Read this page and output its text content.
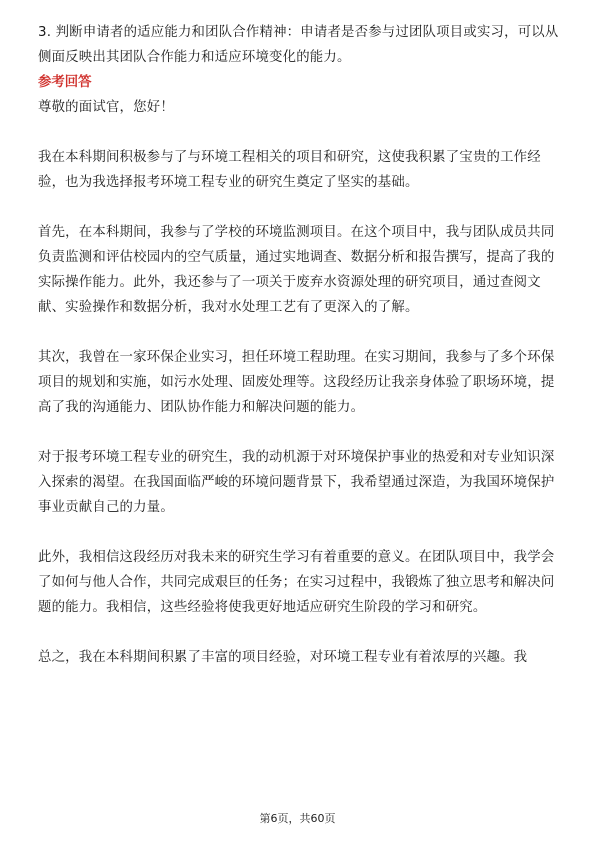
3. 判断申请者的适应能力和团队合作精神：申请者是否参与过团队项目或实习，可以从侧面反映出其团队合作能力和适应环境变化的能力。

参考回答

尊敬的面试官，您好！

我在本科期间积极参与了与环境工程相关的项目和研究，这使我积累了宝贵的工作经验，也为我选择报考环境工程专业的研究生奠定了坚实的基础。

首先，在本科期间，我参与了学校的环境监测项目。在这个项目中，我与团队成员共同负责监测和评估校园内的空气质量，通过实地调查、数据分析和报告撰写，提高了我的实际操作能力。此外，我还参与了一项关于废弃水资源处理的研究项目，通过查阅文献、实验操作和数据分析，我对水处理工艺有了更深入的了解。

其次，我曾在一家环保企业实习，担任环境工程助理。在实习期间，我参与了多个环保项目的规划和实施，如污水处理、固废处理等。这段经历让我亲身体验了职场环境，提高了我的沟通能力、团队协作能力和解决问题的能力。

对于报考环境工程专业的研究生，我的动机源于对环境保护事业的热爱和对专业知识深入探索的渴望。在我国面临严峻的环境问题背景下，我希望通过深造，为我国环境保护事业贡献自己的力量。

此外，我相信这段经历对我未来的研究生学习有着重要的意义。在团队项目中，我学会了如何与他人合作，共同完成艰巨的任务；在实习过程中，我锻炼了独立思考和解决问题的能力。我相信，这些经验将使我更好地适应研究生阶段的学习和研究。

总之，我在本科期间积累了丰富的项目经验，对环境工程专业有着浓厚的兴趣。我

第6页，共60页
